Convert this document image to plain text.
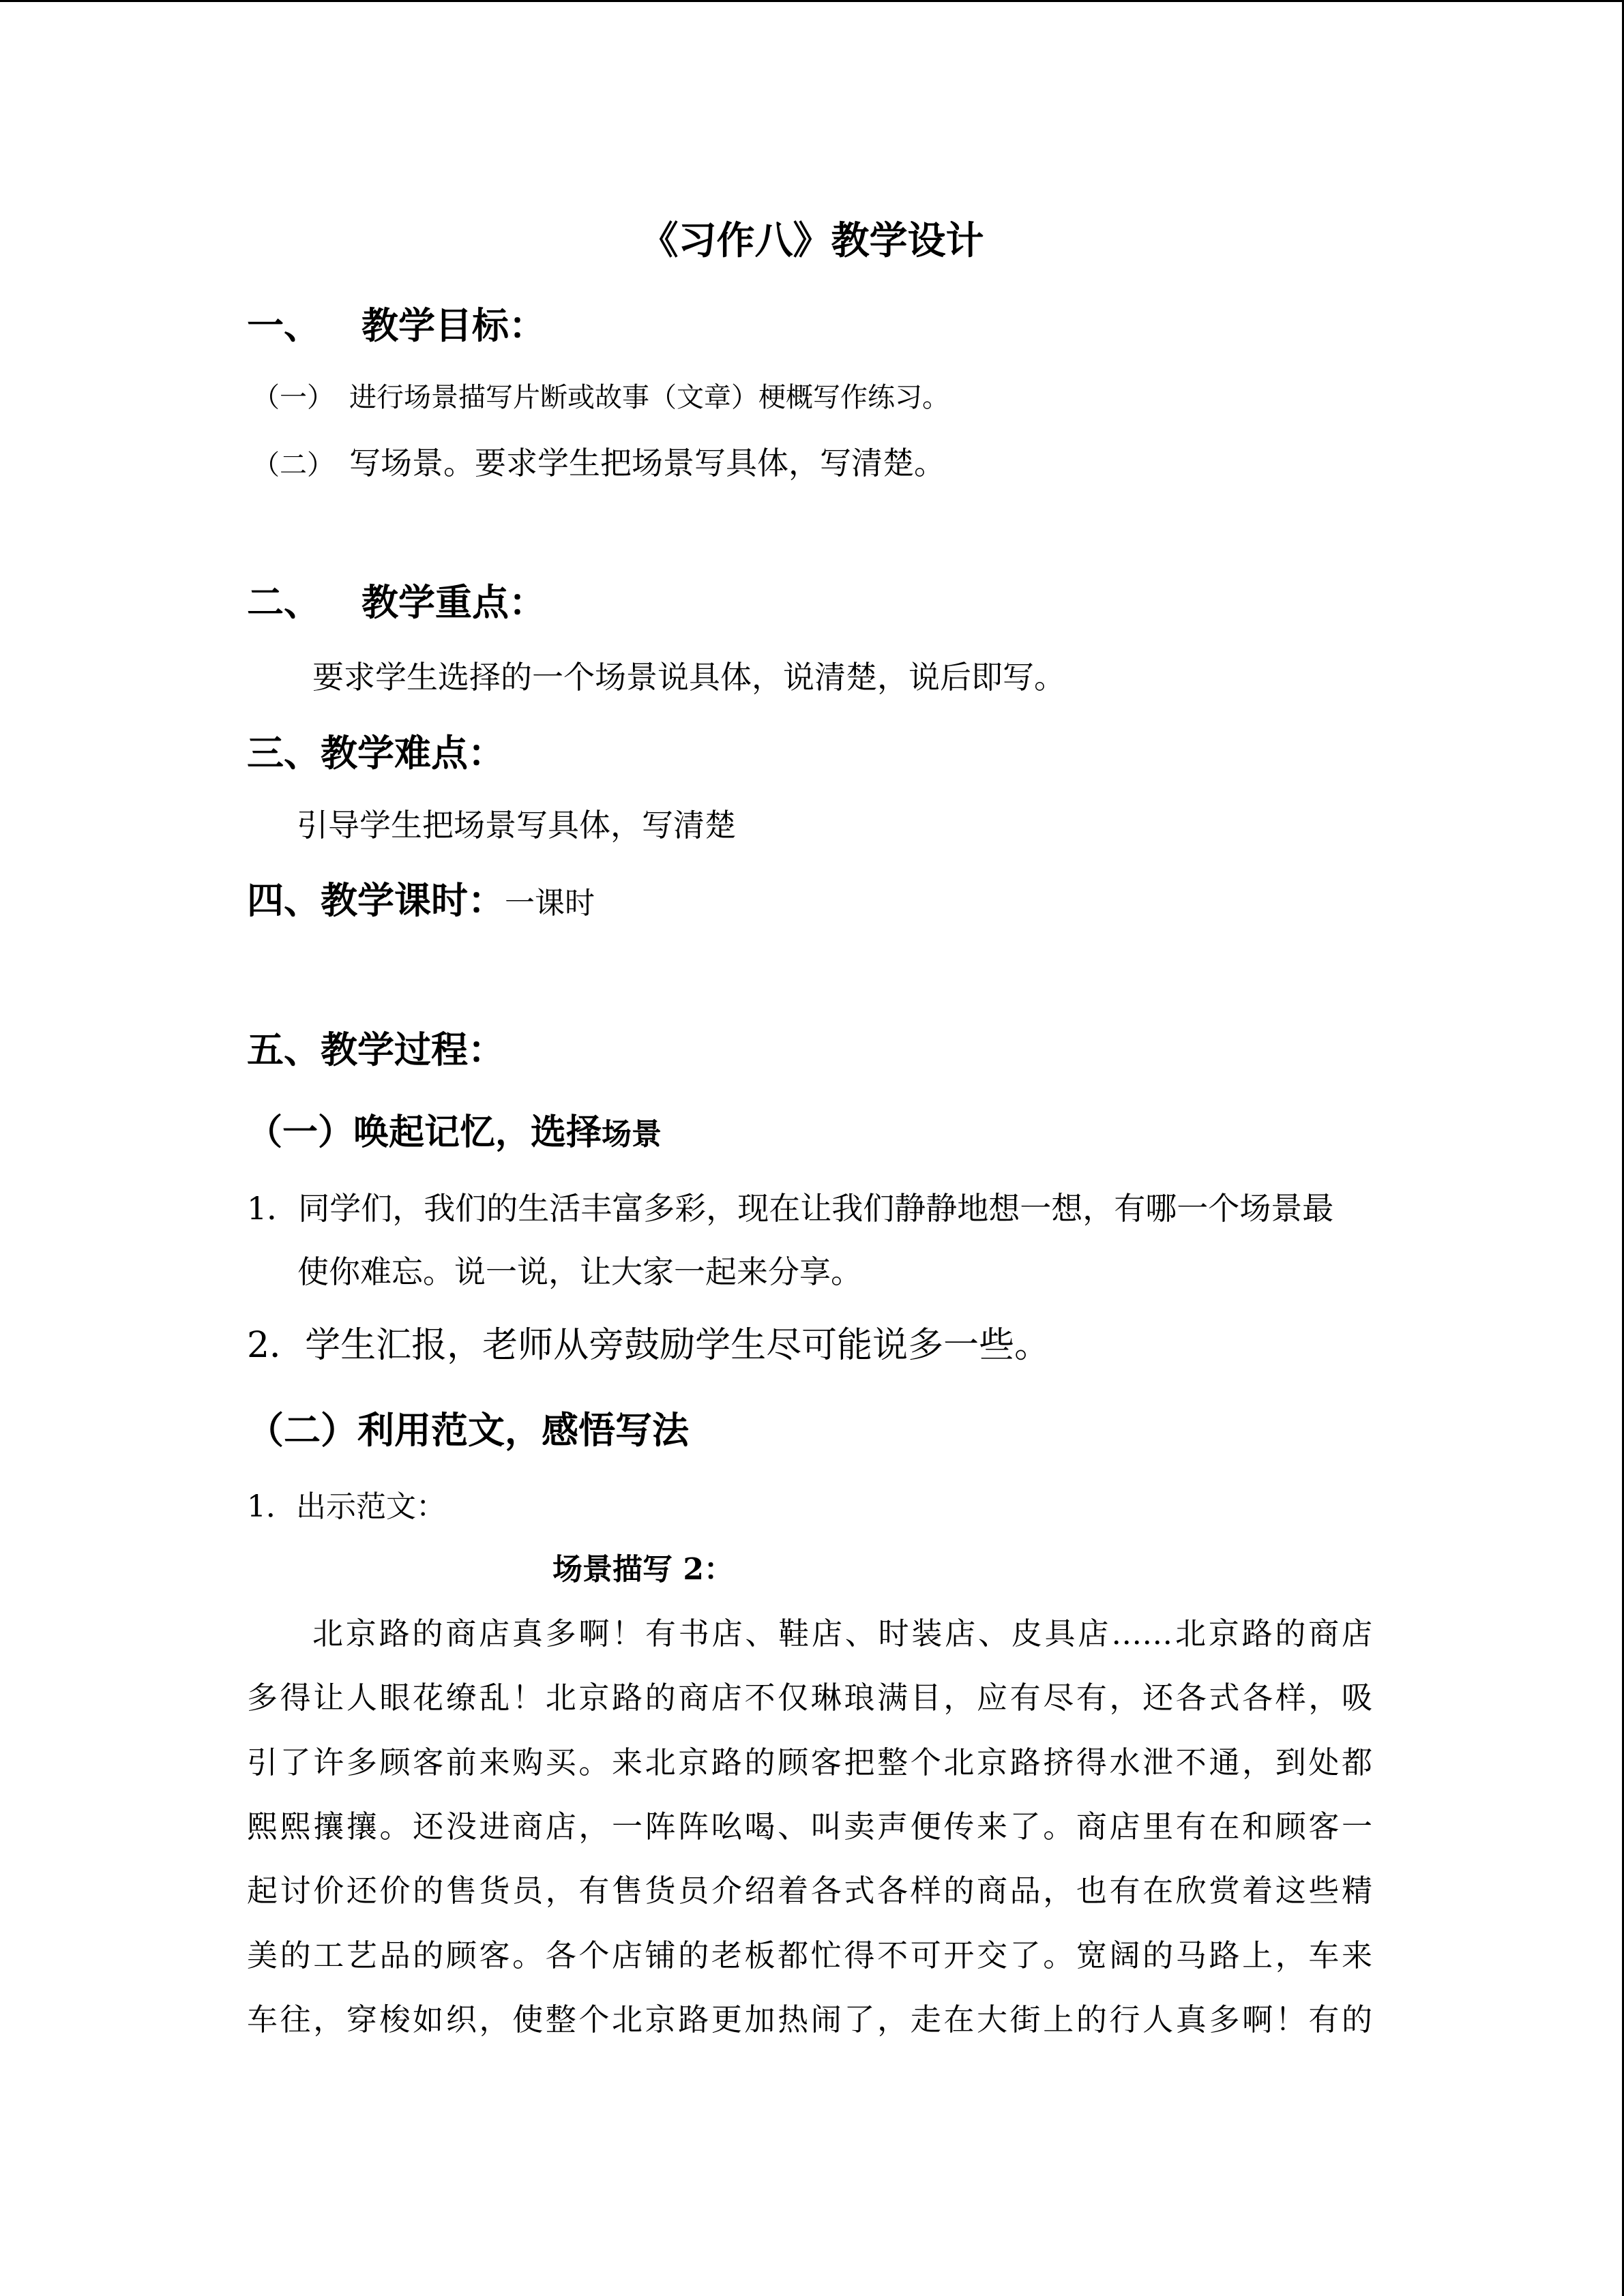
《习作八》教学设计
一、 教学目标：
（一） 进行场景描写片断或故事（文章）梗概写作练习。
（二） 写场景。要求学生把场景写具体，写清楚。
二、 教学重点：
要求学生选择的一个场景说具体，说清楚，说后即写。
三、教学难点：
引导学生把场景写具体，写清楚
四、教学课时：一课时
五、教学过程：
（一）唤起记忆，选择场景
1．同学们，我们的生活丰富多彩，现在让我们静静地想一想，有哪一个场景最
使你难忘。说一说，让大家一起来分享。
2．学生汇报，老师从旁鼓励学生尽可能说多一些。
（二）利用范文，感悟写法
1．出示范文：
场景描写 2：
北京路的商店真多啊！有书店、鞋店、时装店、皮具店……北京路的商店
多得让人眼花缭乱！北京路的商店不仅琳琅满目，应有尽有，还各式各样，吸
引了许多顾客前来购买。来北京路的顾客把整个北京路挤得水泄不通，到处都
熙熙攘攘。还没进商店，一阵阵吆喝、叫卖声便传来了。商店里有在和顾客一
起讨价还价的售货员，有售货员介绍着各式各样的商品，也有在欣赏着这些精
美的工艺品的顾客。各个店铺的老板都忙得不可开交了。宽阔的马路上，车来
车往，穿梭如织，使整个北京路更加热闹了，走在大街上的行人真多啊！有的
